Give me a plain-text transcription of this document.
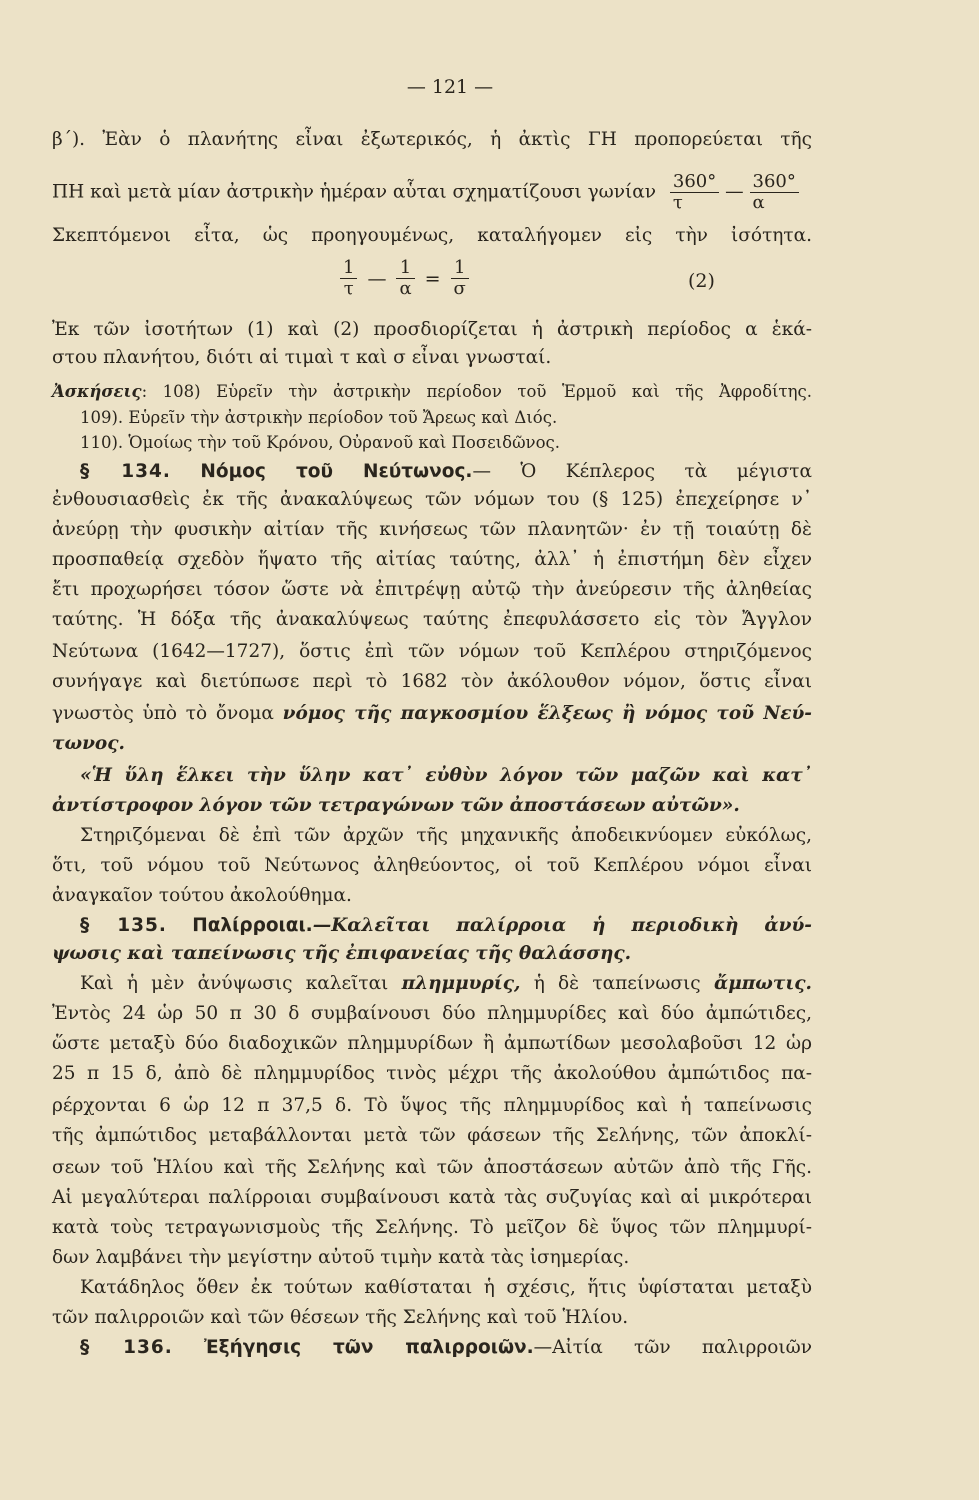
— 121 —
β΄). Ἐὰν ὁ πλανήτης εἶναι ἐξωτερικός, ἡ ἀκτὶς ΓΗ προπορεύεται τῆς
ΠΗ καὶ μετὰ μίαν ἀστρικὴν ἡμέραν αὗται σχηματίζουσι γωνίαν $\frac{360^\circ}{\tau}$ — $\frac{360^\circ}{\alpha}$
Σκεπτόμενοι εἶτα, ὡς προηγουμένως, καταλήγομεν εἰς τὴν ἰσότητα.
$\frac{1}{\tau}$ — $\frac{1}{\alpha} = \frac{1}{\sigma}$	(2)
Ἐκ τῶν ἰσοτήτων (1) καὶ (2) προσδιορίζεται ἡ ἀστρικὴ περίοδος α ἑκά-
στου πλανήτου, διότι αἱ τιμαὶ τ καὶ σ εἶναι γνωσταί.
Ἀσκήσεις: 108) Εὑρεῖν τὴν ἀστρικὴν περίοδον τοῦ Ἑρμοῦ καὶ τῆς Ἀφροδίτης.
109). Εὑρεῖν τὴν ἀστρικὴν περίοδον τοῦ Ἄρεως καὶ Διός.
110). Ὁμοίως τὴν τοῦ Κρόνου, Οὐρανοῦ καὶ Ποσειδῶνος.
§ 134. Νόμος τοῦ Νεύτωνος.— Ὁ Κέπλερος τὰ μέγιστα
ἐνθουσιασθεὶς ἐκ τῆς ἀνακαλύψεως τῶν νόμων του (§ 125) ἐπεχείρησε ν᾽
ἀνεύρῃ τὴν φυσικὴν αἰτίαν τῆς κινήσεως τῶν πλανητῶν· ἐν τῇ τοιαύτῃ δὲ
προσπαθείᾳ σχεδὸν ἥψατο τῆς αἰτίας ταύτης, ἀλλ᾽ ἡ ἐπιστήμη δὲν εἶχεν
ἔτι προχωρήσει τόσον ὥστε νὰ ἐπιτρέψῃ αὐτῷ τὴν ἀνεύρεσιν τῆς ἀληθείας
ταύτης. Ἡ δόξα τῆς ἀνακαλύψεως ταύτης ἐπεφυλάσσετο εἰς τὸν Ἄγγλον
Νεύτωνα (1642—1727), ὅστις ἐπὶ τῶν νόμων τοῦ Κεπλέρου στηριζόμενος
συνήγαγε καὶ διετύπωσε περὶ τὸ 1682 τὸν ἀκόλουθον νόμον, ὅστις εἶναι
γνωστὸς ὑπὸ τὸ ὄνομα νόμος τῆς παγκοσμίου ἕλξεως ἢ νόμος τοῦ Νεύ-
τωνος.
«Ἡ ὕλη ἕλκει τὴν ὕλην κατ᾽ εὐθὺν λόγον τῶν μαζῶν καὶ κατ᾽
ἀντίστροφον λόγον τῶν τετραγώνων τῶν ἀποστάσεων αὐτῶν».
Στηριζόμεναι δὲ ἐπὶ τῶν ἀρχῶν τῆς μηχανικῆς ἀποδεικνύομεν εὐκόλως,
ὅτι, τοῦ νόμου τοῦ Νεύτωνος ἀληθεύοντος, οἱ τοῦ Κεπλέρου νόμοι εἶναι
ἀναγκαῖον τούτου ἀκολούθημα.
§ 135. Παλίρροιαι.—Καλεῖται παλίρροια ἡ περιοδικὴ ἀνύ-
ψωσις καὶ ταπείνωσις τῆς ἐπιφανείας τῆς θαλάσσης.
Καὶ ἡ μὲν ἀνύψωσις καλεῖται πλημμυρίς, ἡ δὲ ταπείνωσις ἄμπωτις.
Ἐντὸς 24 ὡρ 50 π 30 δ συμβαίνουσι δύο πλημμυρίδες καὶ δύο ἀμπώτιδες,
ὥστε μεταξὺ δύο διαδοχικῶν πλημμυρίδων ἢ ἀμπωτίδων μεσολαβοῦσι 12 ὡρ
25 π 15 δ, ἀπὸ δὲ πλημμυρίδος τινὸς μέχρι τῆς ἀκολούθου ἀμπώτιδος πα-
ρέρχονται 6 ὡρ 12 π 37,5 δ. Τὸ ὕψος τῆς πλημμυρίδος καὶ ἡ ταπείνωσις
τῆς ἀμπώτιδος μεταβάλλονται μετὰ τῶν φάσεων τῆς Σελήνης, τῶν ἀποκλί-
σεων τοῦ Ἡλίου καὶ τῆς Σελήνης καὶ τῶν ἀποστάσεων αὐτῶν ἀπὸ τῆς Γῆς.
Αἱ μεγαλύτεραι παλίρροιαι συμβαίνουσι κατὰ τὰς συζυγίας καὶ αἱ μικρότεραι
κατὰ τοὺς τετραγωνισμοὺς τῆς Σελήνης. Τὸ μεῖζον δὲ ὕψος τῶν πλημμυρί-
δων λαμβάνει τὴν μεγίστην αὐτοῦ τιμὴν κατὰ τὰς ἰσημερίας.
Κατάδηλος ὅθεν ἐκ τούτων καθίσταται ἡ σχέσις, ἥτις ὑφίσταται μεταξὺ
τῶν παλιρροιῶν καὶ τῶν θέσεων τῆς Σελήνης καὶ τοῦ Ἡλίου.
§ 136. Ἐξήγησις τῶν παλιρροιῶν.—Αἰτία τῶν παλιρροιῶν
